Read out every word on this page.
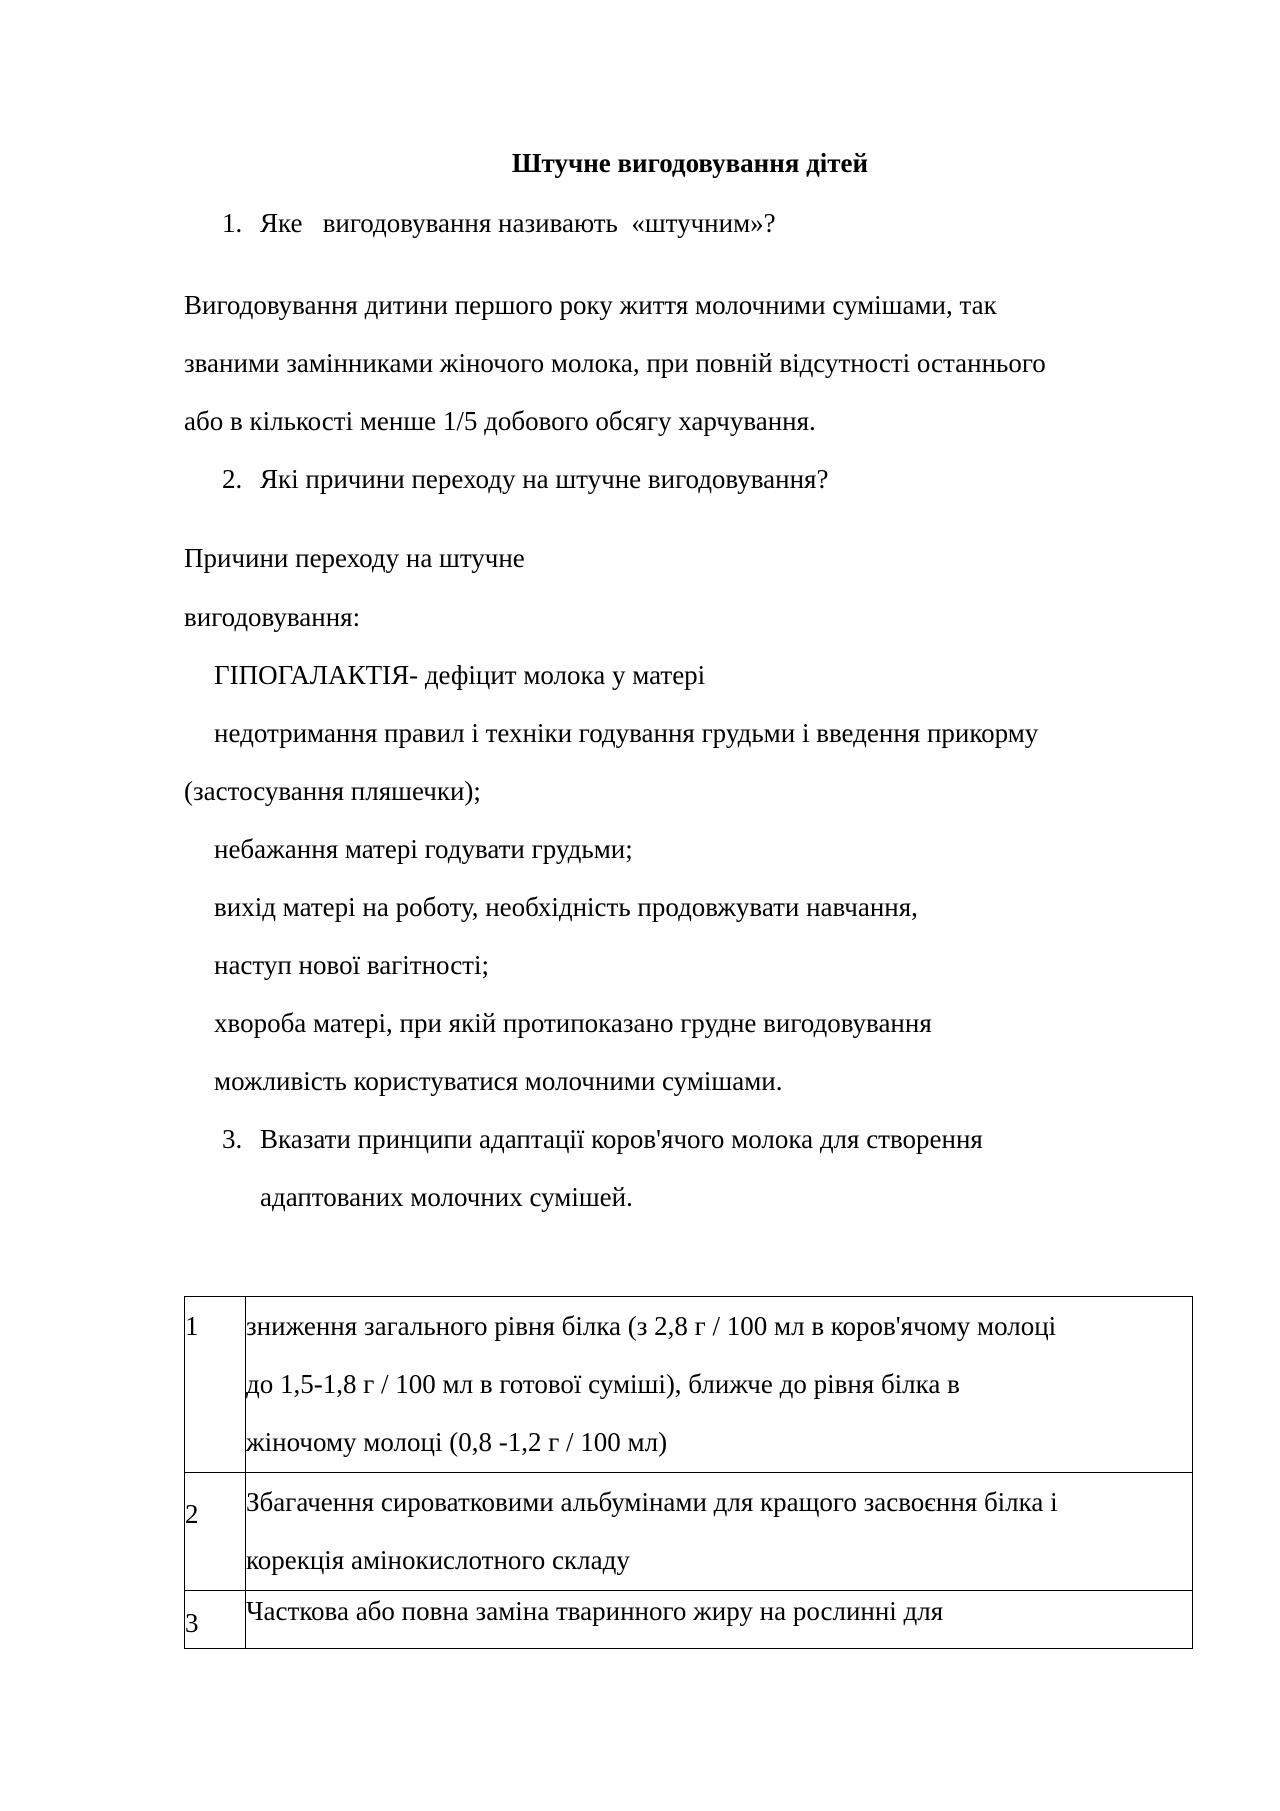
Штучне вигодовування дітей
1. Яке   вигодовування називають  «штучним»?
Вигодовування дитини першого року життя молочними сумішами, так
званими замінниками жіночого молока, при повній відсутності останнього
або в кількості менше 1/5 добового обсягу харчування.
2. Які причини переходу на штучне вигодовування?
Причини переходу на штучне
вигодовування:
ГІПОГАЛАКТІЯ- дефіцит молока у матері
недотримання правил і техніки годування грудьми і введення прикорму
(застосування пляшечки);
небажання матері годувати грудьми;
вихід матері на роботу, необхідність продовжувати навчання,
наступ нової вагітності;
хвороба матері, при якій протипоказано грудне вигодовування
можливість користуватися молочними сумішами.
3. Вказати принципи адаптації коров'ячого молока для створення
адаптованих молочних сумішей.
1	зниження загального рівня білка (з 2,8 г / 100 мл в коров'ячому молоці
до 1,5-1,8 г / 100 мл в готової суміші), ближче до рівня білка в
жіночому молоці (0,8 -1,2 г / 100 мл)

2	Збагачення сироватковими альбумінами для кращого засвоєння білка і
корекція амінокислотного складу

3	Часткова або повна заміна тваринного жиру на рослинні для
